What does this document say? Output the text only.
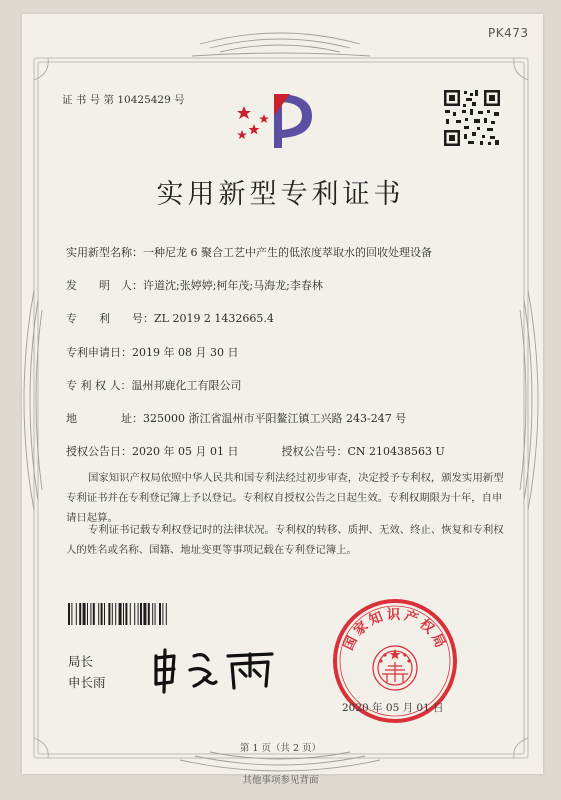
PK473
证 书 号 第 10425429 号
实用新型专利证书
实用新型名称：一种尼龙 6 聚合工艺中产生的低浓度萃取水的回收处理设备
发　　明　人：许道沈;张婷婷;柯年茂;马海龙;李春林
专　　利　　号：ZL 2019 2 1432665.4
专利申请日：2019 年 08 月 30 日
专 利 权 人：温州邦鹿化工有限公司
地　　　　址：325000 浙江省温州市平阳鳌江镇工兴路 243-247 号
授权公告日：2020 年 05 月 01 日	授权公告号：CN 210438563 U
国家知识产权局依照中华人民共和国专利法经过初步审查，决定授予专利权，颁发实用新型专利证书并在专利登记簿上予以登记。专利权自授权公告之日起生效。专利权期限为十年，自申请日起算。
专利证书记载专利权登记时的法律状况。专利权的转移、质押、无效、终止、恢复和专利权人的姓名或名称、国籍、地址变更等事项记载在专利登记簿上。
局长
申长雨
国家知识产权局
2020 年 05 月 01 日
第 1 页（共 2 页）
其他事项参见背面
